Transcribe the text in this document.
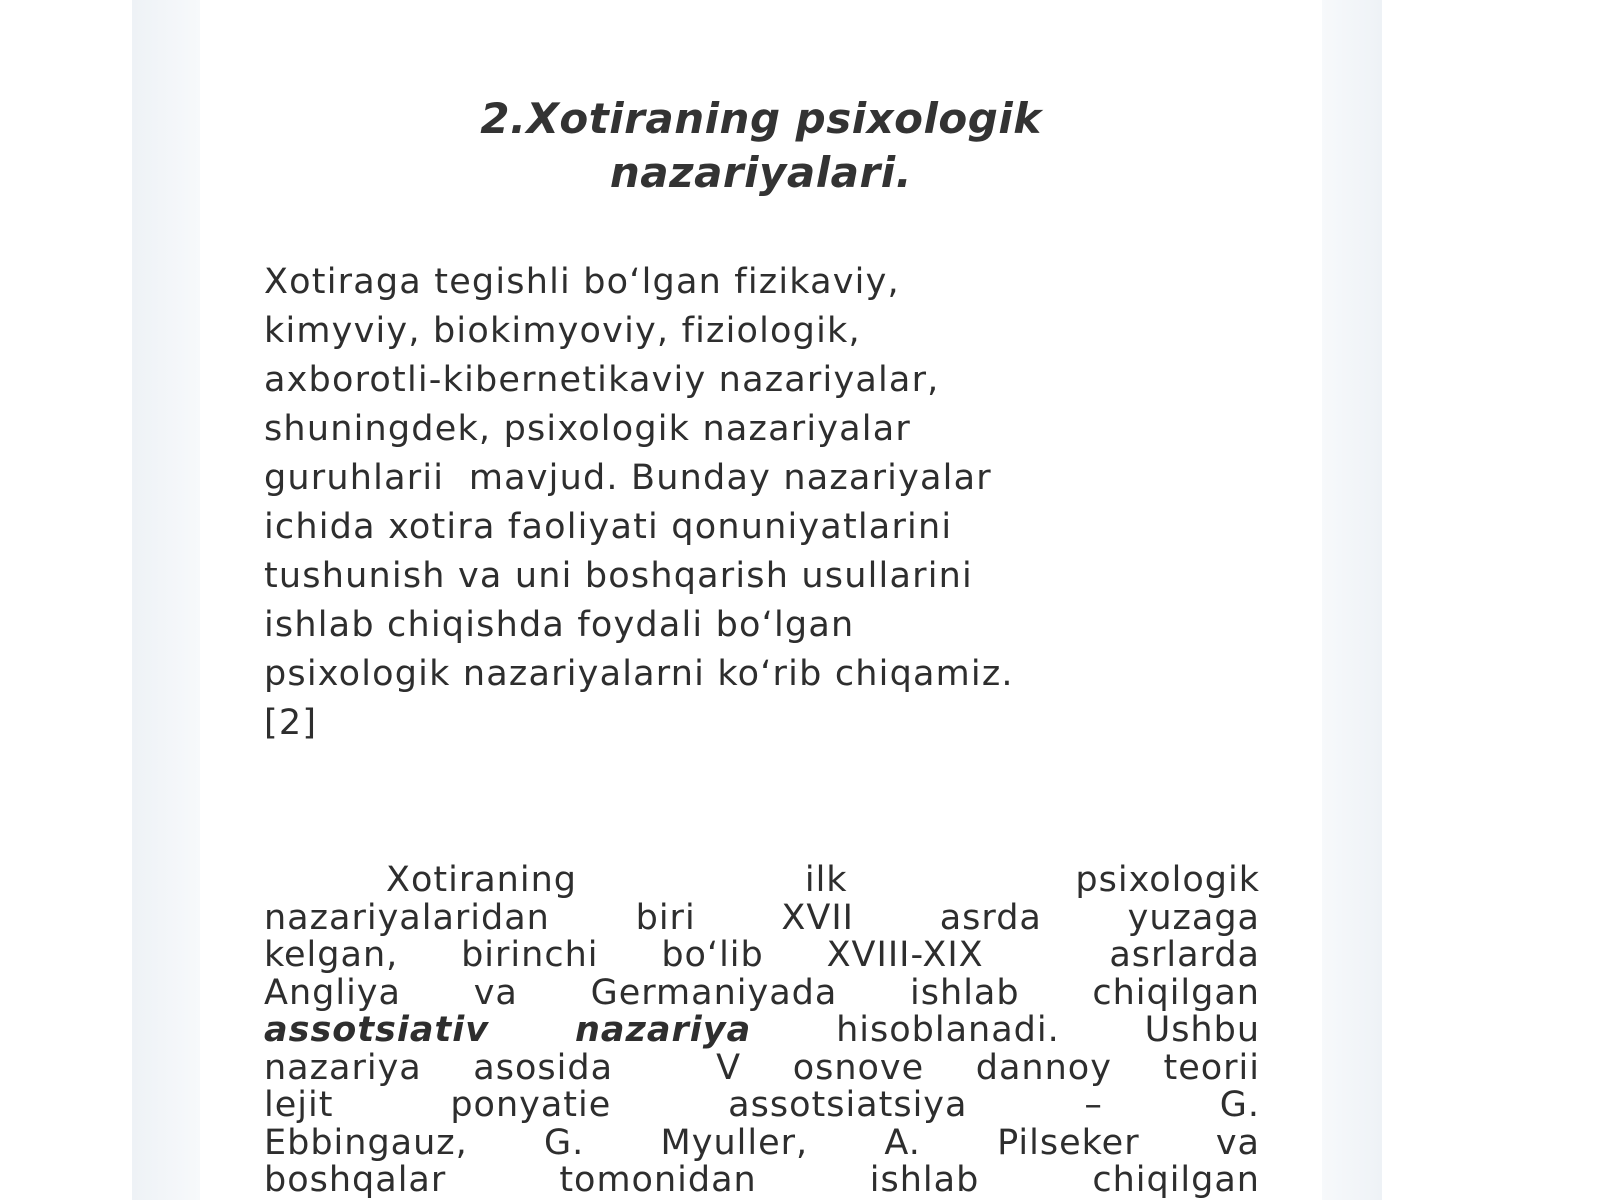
2.Xotiraning psixologik
nazariyalari.

Xotiraga tegishli bo‘lgan fizikaviy,
kimyviy, biokimyoviy, fiziologik,
axborotli-kibernetikaviy nazariyalar,
shuningdek, psixologik nazariyalar
guruhlarii  mavjud. Bunday nazariyalar
ichida xotira faoliyati qonuniyatlarini
tushunish va uni boshqarish usullarini
ishlab chiqishda foydali bo‘lgan
psixologik nazariyalarni ko‘rib chiqamiz.
[2]

Xotiraning ilk psixologik
nazariyalaridan biri XVII asrda yuzaga
kelgan, birinchi bo‘lib XVIII-XIX  asrlarda
Angliya va Germaniyada ishlab chiqilgan
assotsiativ nazariya hisoblanadi. Ushbu
nazariya asosida  V osnove dannoy teorii
lejit ponyatie assotsiatsiya – G.
Ebbingauz, G. Myuller, A. Pilseker va
boshqalar tomonidan ishlab chiqilgan
